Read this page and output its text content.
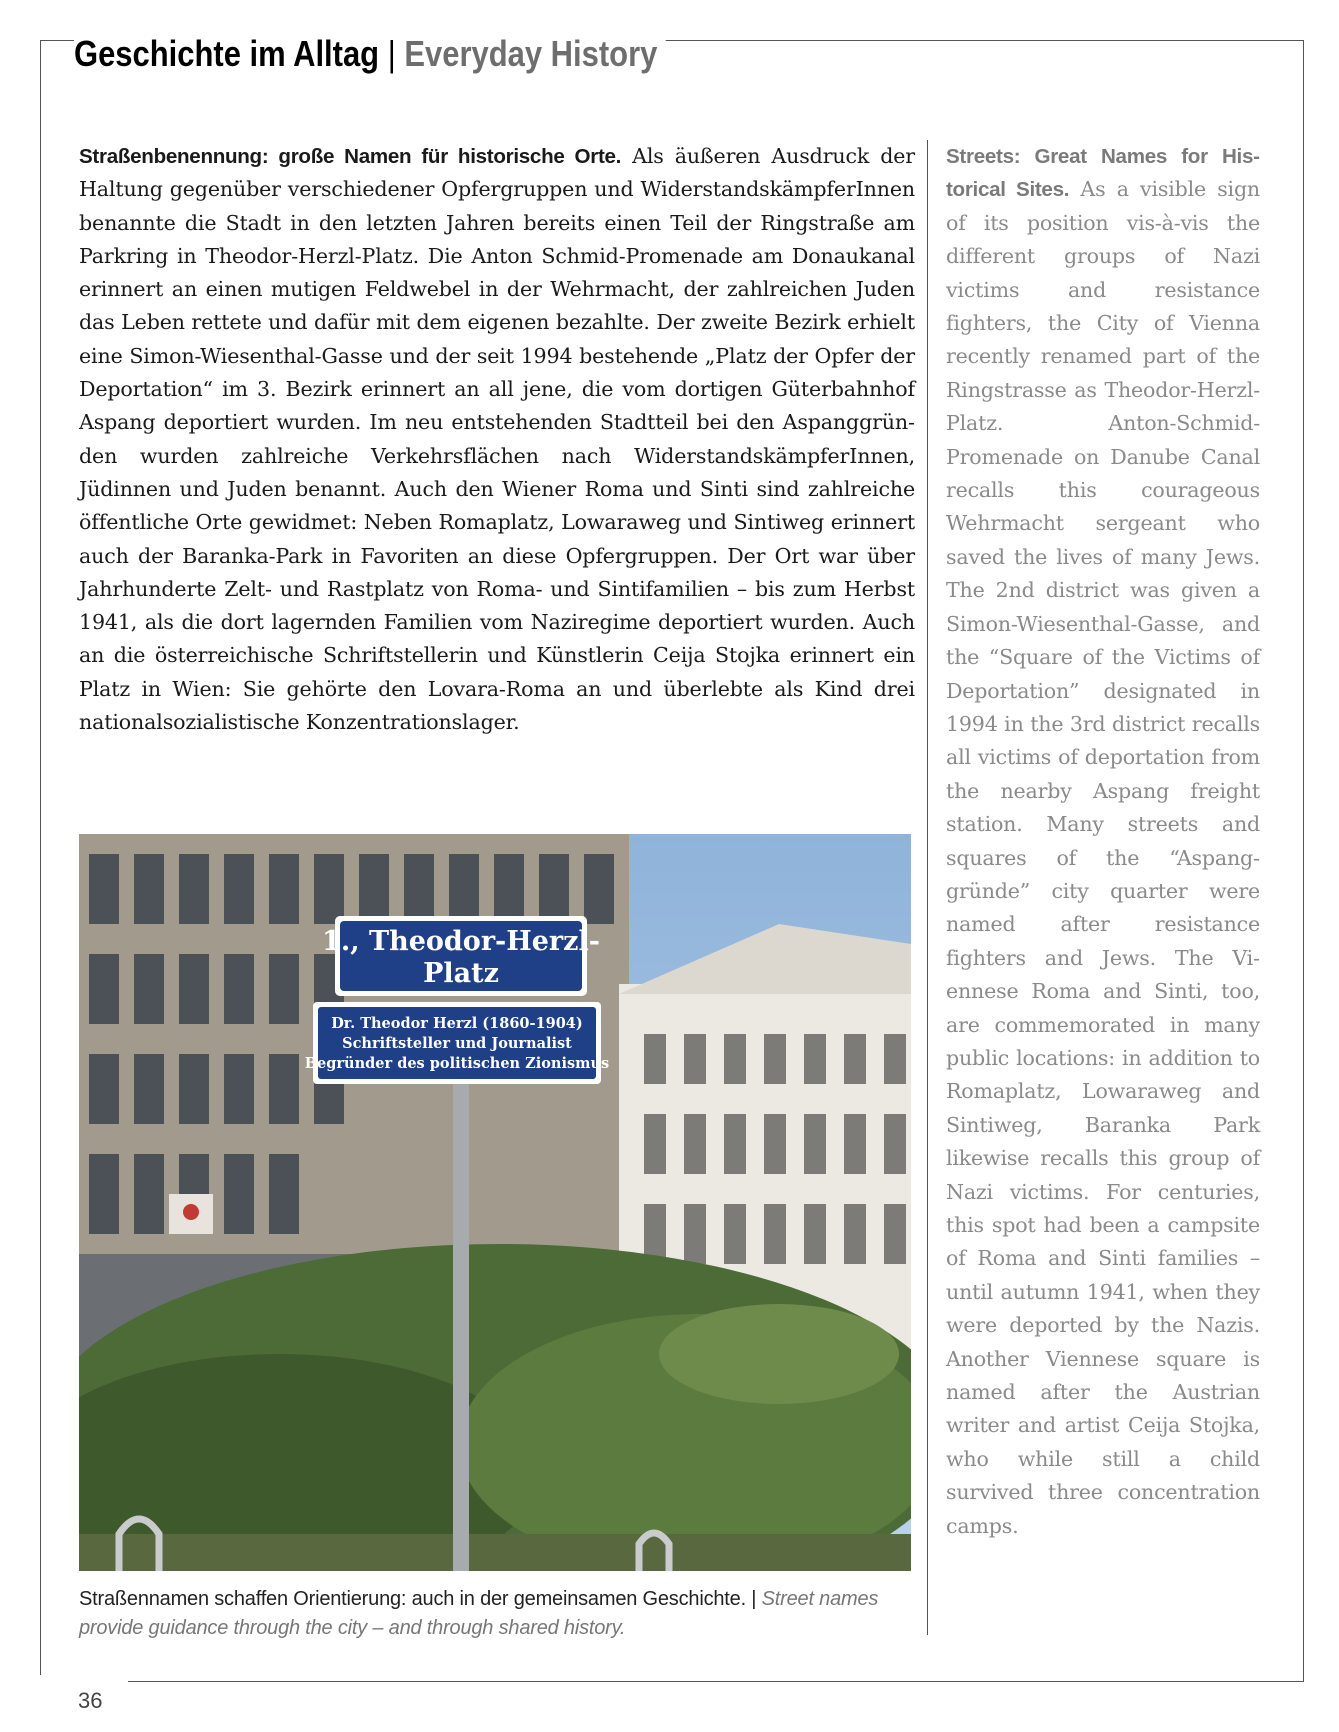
Geschichte im Alltag | Everyday History

Straßenbenennung: große Namen für historische Orte. Als äußeren Ausdruck der Haltung gegenüber verschiedener Opfergruppen und WiderstandskämpferInnen benannte die Stadt in den letzten Jahren bereits einen Teil der Ringstraße am Parkring in Theodor-Herzl-Platz. Die Anton Schmid-Promenade am Donaukanal erinnert an einen mutigen Feldwebel in der Wehrmacht, der zahlreichen Juden das Leben rettete und dafür mit dem eigenen bezahlte. Der zweite Bezirk erhielt eine Simon-Wiesenthal-Gasse und der seit 1994 bestehende „Platz der Opfer der Deportation“ im 3. Bezirk erinnert an all jene, die vom dortigen Güterbahnhof Aspang deportiert wurden. Im neu entstehenden Stadtteil bei den Aspanggründen wurden zahlreiche Verkehrsflächen nach WiderstandskämpferInnen, Jüdinnen und Juden benannt. Auch den Wiener Roma und Sinti sind zahlreiche öffentliche Orte gewidmet: Neben Romaplatz, Lowaraweg und Sintiweg erinnert auch der Baranka-Park in Favoriten an diese Opfergruppen. Der Ort war über Jahrhunderte Zelt- und Rastplatz von Roma- und Sintifamilien – bis zum Herbst 1941, als die dort lagernden Familien vom Naziregime deportiert wurden. Auch an die österreichische Schriftstellerin und Künstlerin Ceija Stojka erinnert ein Platz in Wien: Sie gehörte den Lovara-Roma an und überlebte als Kind drei nationalsozialistische Konzentrationslager.

1., Theodor-Herzl-
Platz
Dr. Theodor Herzl (1860-1904)
Schriftsteller und Journalist
Begründer des politischen Zionismus
Straßennamen schaffen Orientierung: auch in der gemeinsamen Geschichte. | Street names provide guidance through the city – and through shared history.

Streets: Great Names for Historical Sites. As a visible sign of its position vis-à-vis the different groups of Nazi victims and resistance fighters, the City of Vienna recently renamed part of the Ringstrasse as Theodor-Herzl-Platz. Anton-Schmid-Promenade on Danube Canal recalls this courageous Wehrmacht sergeant who saved the lives of many Jews. The 2nd district was given a Simon-Wiesenthal-Gasse, and the “Square of the Victims of Deportation” designated in 1994 in the 3rd district recalls all victims of deportation from the nearby Aspang freight station. Many streets and squares of the “Aspanggründe” city quarter were named after resistance fighters and Jews. The Viennese Roma and Sinti, too, are commemorated in many public locations: in addition to Romaplatz, Lowaraweg and Sintiweg, Baranka Park likewise recalls this group of Nazi victims. For centuries, this spot had been a campsite of Roma and Sinti families – until autumn 1941, when they were deported by the Nazis. Another Viennese square is named after the Austrian writer and artist Ceija Stojka, who while still a child survived three concentration camps.

36
